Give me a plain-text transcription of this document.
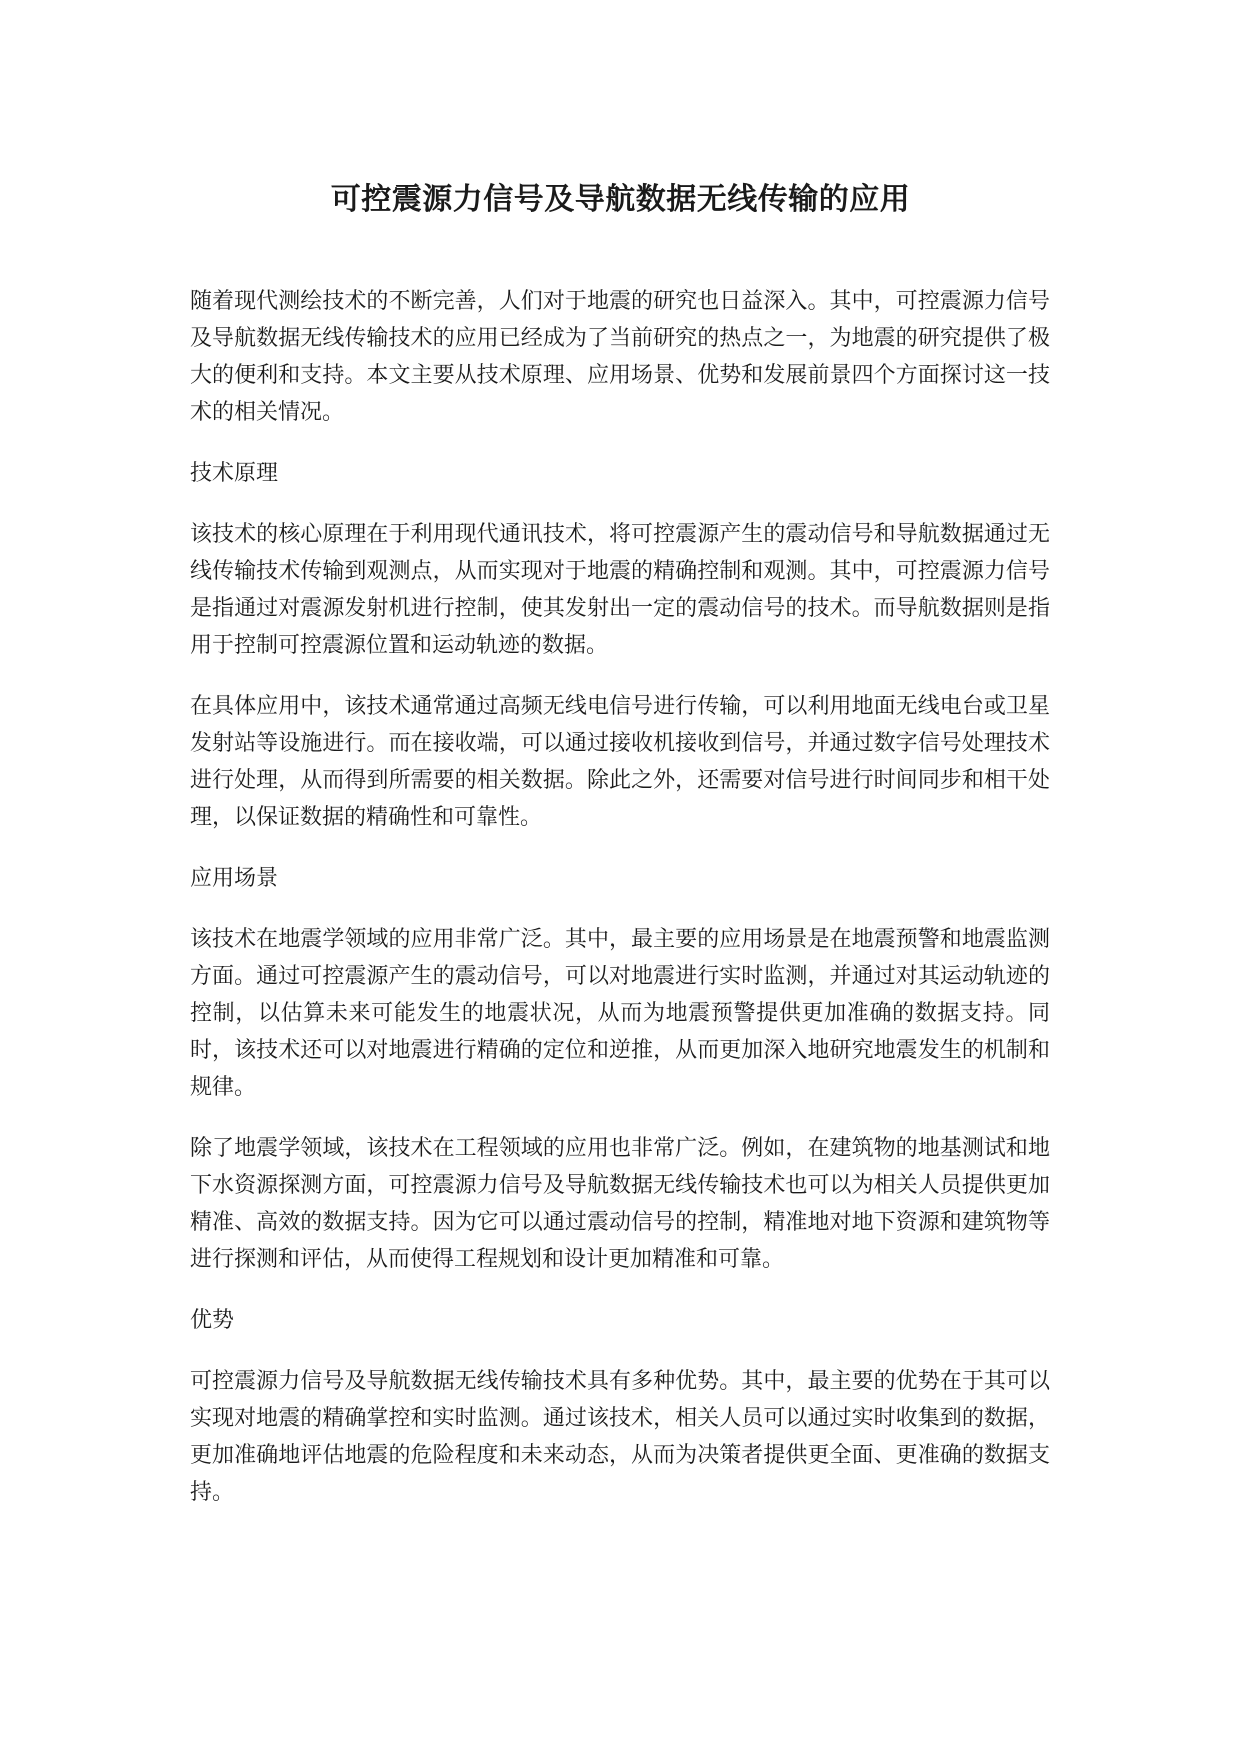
可控震源力信号及导航数据无线传输的应用

随着现代测绘技术的不断完善，人们对于地震的研究也日益深入。其中，可控震源力信号及导航数据无线传输技术的应用已经成为了当前研究的热点之一，为地震的研究提供了极大的便利和支持。本文主要从技术原理、应用场景、优势和发展前景四个方面探讨这一技术的相关情况。

技术原理

该技术的核心原理在于利用现代通讯技术，将可控震源产生的震动信号和导航数据通过无线传输技术传输到观测点，从而实现对于地震的精确控制和观测。其中，可控震源力信号是指通过对震源发射机进行控制，使其发射出一定的震动信号的技术。而导航数据则是指用于控制可控震源位置和运动轨迹的数据。

在具体应用中，该技术通常通过高频无线电信号进行传输，可以利用地面无线电台或卫星发射站等设施进行。而在接收端，可以通过接收机接收到信号，并通过数字信号处理技术进行处理，从而得到所需要的相关数据。除此之外，还需要对信号进行时间同步和相干处理，以保证数据的精确性和可靠性。

应用场景

该技术在地震学领域的应用非常广泛。其中，最主要的应用场景是在地震预警和地震监测方面。通过可控震源产生的震动信号，可以对地震进行实时监测，并通过对其运动轨迹的控制，以估算未来可能发生的地震状况，从而为地震预警提供更加准确的数据支持。同时，该技术还可以对地震进行精确的定位和逆推，从而更加深入地研究地震发生的机制和规律。

除了地震学领域，该技术在工程领域的应用也非常广泛。例如，在建筑物的地基测试和地下水资源探测方面，可控震源力信号及导航数据无线传输技术也可以为相关人员提供更加精准、高效的数据支持。因为它可以通过震动信号的控制，精准地对地下资源和建筑物等进行探测和评估，从而使得工程规划和设计更加精准和可靠。

优势

可控震源力信号及导航数据无线传输技术具有多种优势。其中，最主要的优势在于其可以实现对地震的精确掌控和实时监测。通过该技术，相关人员可以通过实时收集到的数据，更加准确地评估地震的危险程度和未来动态，从而为决策者提供更全面、更准确的数据支持。
